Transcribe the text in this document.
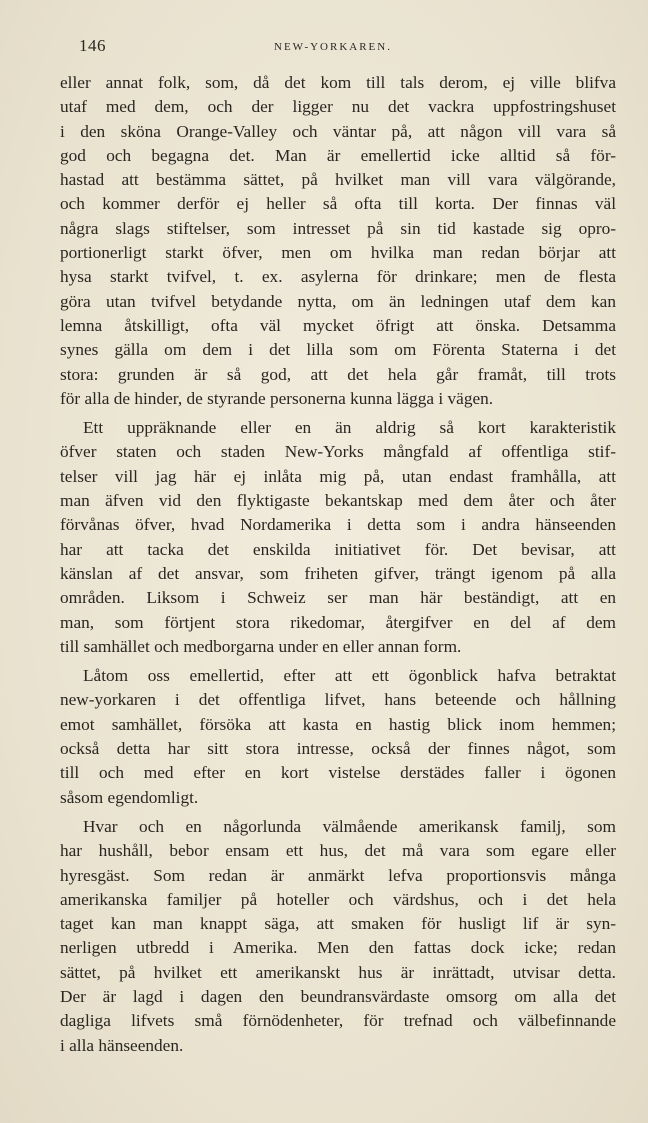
146	NEW-YORKAREN.
eller annat folk, som, då det kom till tals derom, ej ville blifva
utaf med dem, och der ligger nu det vackra uppfostringshuset
i den sköna Orange-Valley och väntar på, att någon vill vara så
god och begagna det. Man är emellertid icke alltid så för-
hastad att bestämma sättet, på hvilket man vill vara välgörande,
och kommer derför ej heller så ofta till korta. Der finnas väl
några slags stiftelser, som intresset på sin tid kastade sig opro-
portionerligt starkt öfver, men om hvilka man redan börjar att
hysa starkt tvifvel, t. ex. asylerna för drinkare; men de flesta
göra utan tvifvel betydande nytta, om än ledningen utaf dem kan
lemna åtskilligt, ofta väl mycket öfrigt att önska. Detsamma
synes gälla om dem i det lilla som om Förenta Staterna i det
stora: grunden är så god, att det hela går framåt, till trots
för alla de hinder, de styrande personerna kunna lägga i vägen.
Ett uppräknande eller en än aldrig så kort karakteristik
öfver staten och staden New-Yorks mångfald af offentliga stif-
telser vill jag här ej inlåta mig på, utan endast framhålla, att
man äfven vid den flyktigaste bekantskap med dem åter och åter
förvånas öfver, hvad Nordamerika i detta som i andra hänseenden
har att tacka det enskilda initiativet för. Det bevisar, att
känslan af det ansvar, som friheten gifver, trängt igenom på alla
områden. Liksom i Schweiz ser man här beständigt, att en
man, som förtjent stora rikedomar, återgifver en del af dem
till samhället och medborgarna under en eller annan form.
Låtom oss emellertid, efter att ett ögonblick hafva betraktat
new-yorkaren i det offentliga lifvet, hans beteende och hållning
emot samhället, försöka att kasta en hastig blick inom hemmen;
också detta har sitt stora intresse, också der finnes något, som
till och med efter en kort vistelse derstädes faller i ögonen
såsom egendomligt.
Hvar och en någorlunda välmående amerikansk familj, som
har hushåll, bebor ensam ett hus, det må vara som egare eller
hyresgäst. Som redan är anmärkt lefva proportionsvis många
amerikanska familjer på hoteller och värdshus, och i det hela
taget kan man knappt säga, att smaken för husligt lif är syn-
nerligen utbredd i Amerika. Men den fattas dock icke; redan
sättet, på hvilket ett amerikanskt hus är inrättadt, utvisar detta.
Der är lagd i dagen den beundransvärdaste omsorg om alla det
dagliga lifvets små förnödenheter, för trefnad och välbefinnande
i alla hänseenden.
